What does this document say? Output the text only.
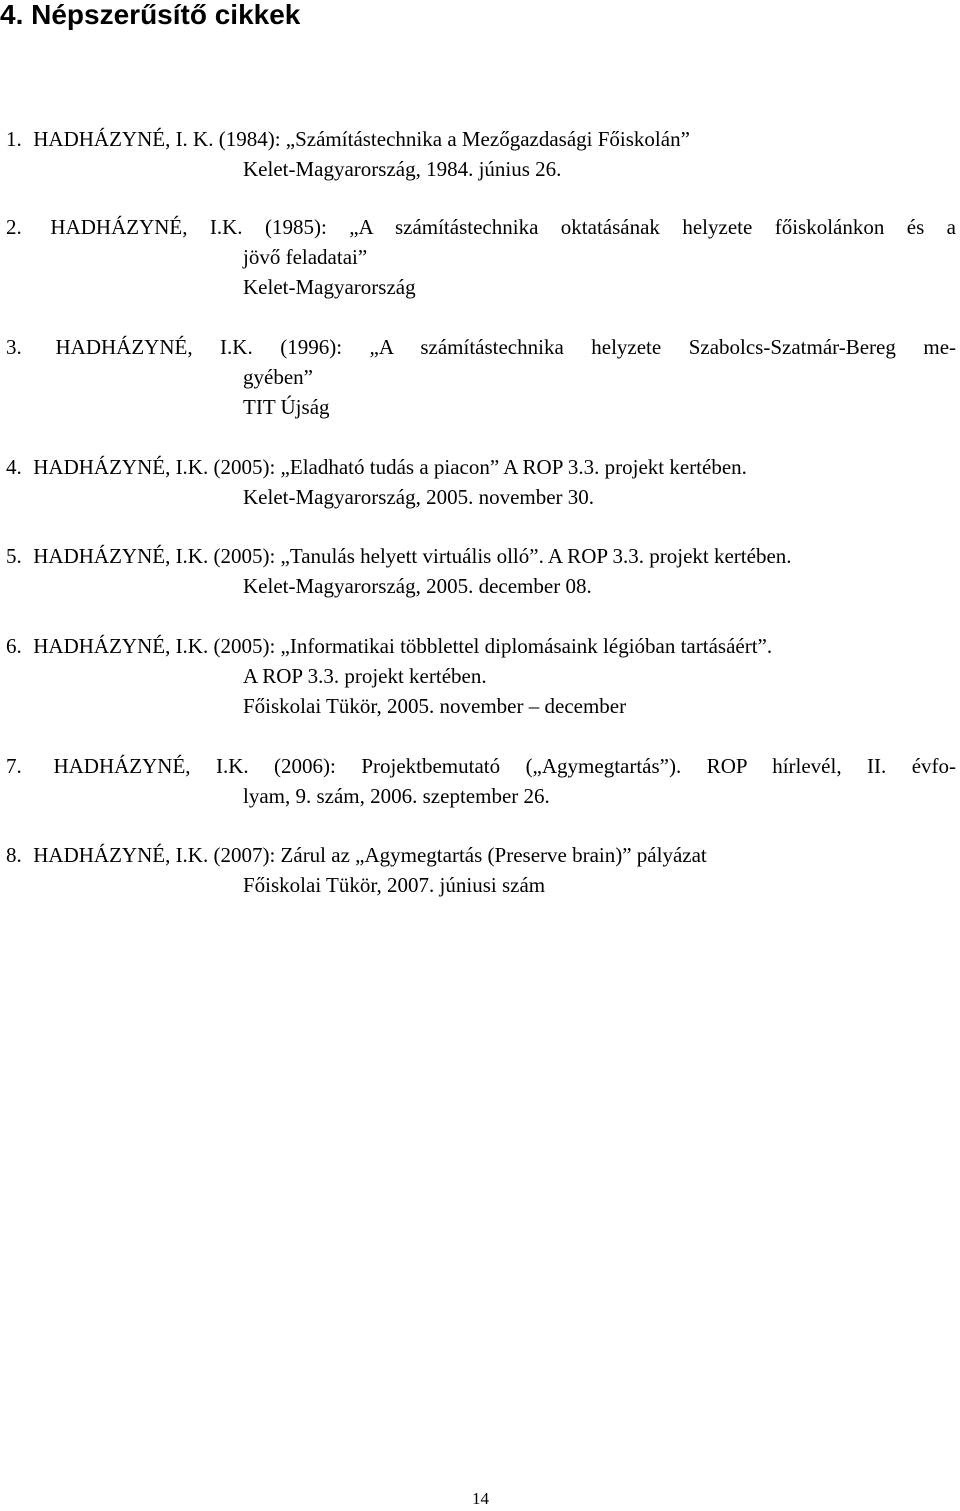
4. Népszerűsítő cikkek
1. HADHÁZYNÉ, I. K. (1984): „Számítástechnika a Mezőgazdasági Főiskolán”
Kelet-Magyarország, 1984. június 26.
2. HADHÁZYNÉ, I.K. (1985): „A számítástechnika oktatásának helyzete főiskolánkon és a
jövő feladatai”
Kelet-Magyarország
3. HADHÁZYNÉ, I.K. (1996): „A számítástechnika helyzete Szabolcs-Szatmár-Bereg me-
gyében”
TIT Újság
4. HADHÁZYNÉ, I.K. (2005): „Eladható tudás a piacon” A ROP 3.3. projekt kertében.
Kelet-Magyarország, 2005. november 30.
5. HADHÁZYNÉ, I.K. (2005): „Tanulás helyett virtuális olló”. A ROP 3.3. projekt kertében.
Kelet-Magyarország, 2005. december 08.
6. HADHÁZYNÉ, I.K. (2005): „Informatikai többlettel diplomásaink légióban tartásáért”.
A ROP 3.3. projekt kertében.
Főiskolai Tükör, 2005. november – december
7. HADHÁZYNÉ, I.K. (2006): Projektbemutató („Agymegtartás”). ROP hírlevél, II. évfo-
lyam, 9. szám, 2006. szeptember 26.
8. HADHÁZYNÉ, I.K. (2007): Zárul az „Agymegtartás (Preserve brain)” pályázat
Főiskolai Tükör, 2007. júniusi szám
14
